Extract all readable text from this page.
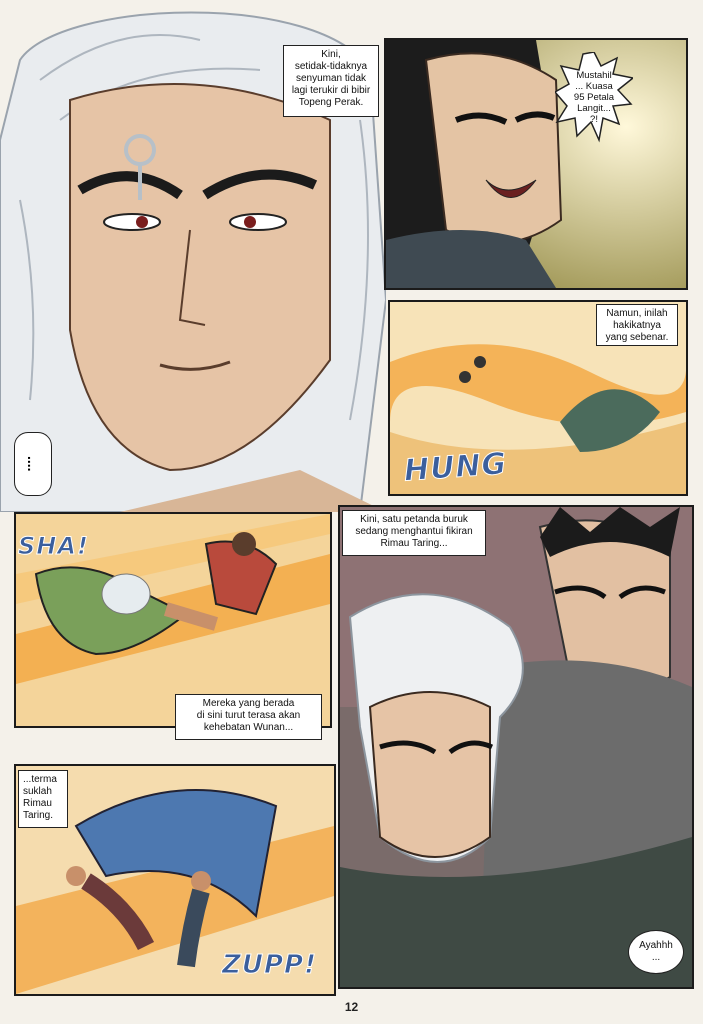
Kini,
setidak-tidaknya
senyuman tidak
lagi terukir di bibir
Topeng Perak.
....

Mustahil
... Kuasa
95 Petala
Langit...
?!

Namun, inilah
hakikatnya
yang sebenar.
HUNG
SHA!
Mereka yang berada
di sini turut terasa akan
kehebatan Wunan...
Kini, satu petanda buruk
sedang menghantui fikiran
Rimau Taring...
Ayahhh
...
...terma
suklah
Rimau
Taring.
ZUPP!
12
